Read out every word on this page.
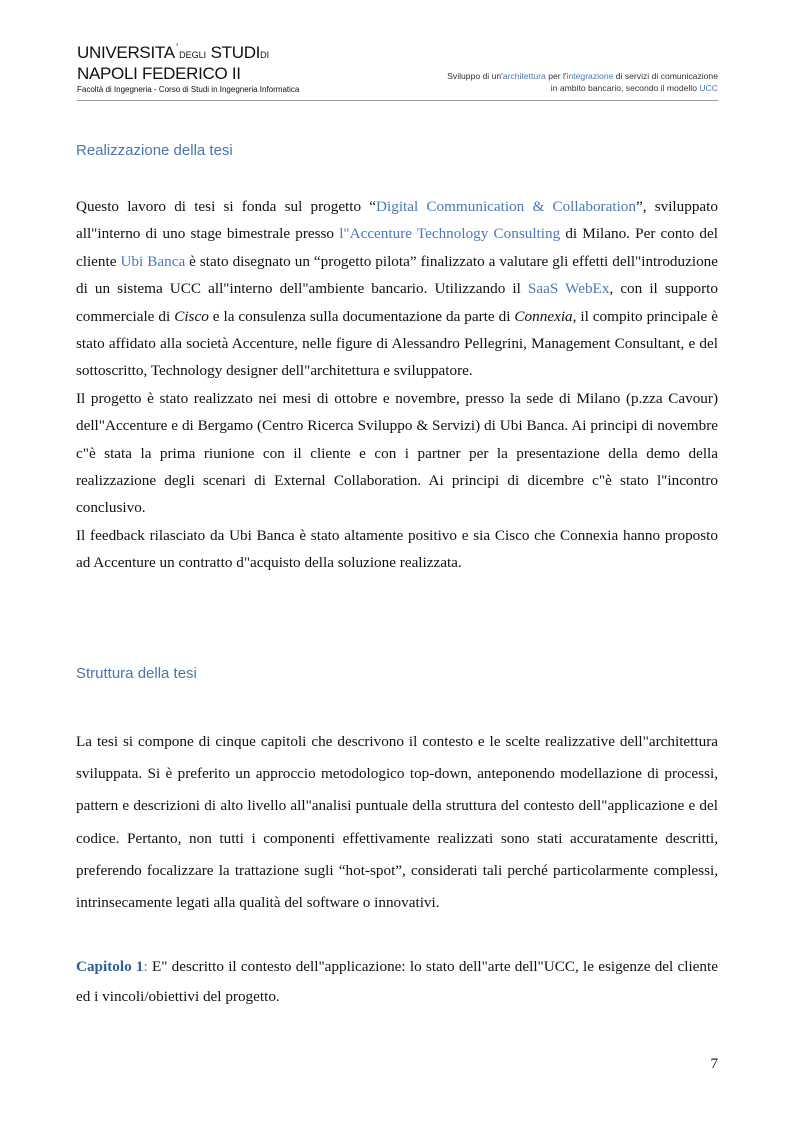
UNIVERSITA’DEGLI STUDIDI
NAPOLI FEDERICO II
Facoltà di Ingegneria - Corso di Studi in Ingegneria Informatica
Sviluppo di un'architettura per l'integrazione di servizi di comunicazione
in ambito bancario, secondo il modello UCC
Realizzazione della tesi

Questo lavoro di tesi si fonda sul progetto “Digital Communication & Collaboration”, sviluppato all"interno di uno stage bimestrale presso l"Accenture Technology Consulting di Milano. Per conto del cliente Ubi Banca è stato disegnato un “progetto pilota” finalizzato a valutare gli effetti dell"introduzione di un sistema UCC all"interno dell"ambiente bancario. Utilizzando il SaaS WebEx, con il supporto commerciale di Cisco e la consulenza sulla documentazione da parte di Connexia, il compito principale è stato affidato alla società Accenture, nelle figure di Alessandro Pellegrini, Management Consultant, e del sottoscritto, Technology designer dell"architettura e sviluppatore.

Il progetto è stato realizzato nei mesi di ottobre e novembre, presso la sede di Milano (p.zza Cavour) dell"Accenture e di Bergamo (Centro Ricerca Sviluppo & Servizi) di Ubi Banca. Ai principi di novembre c"è stata la prima riunione con il cliente e con i partner per la presentazione della demo della realizzazione degli scenari di External Collaboration. Ai principi di dicembre c"è stato l"incontro conclusivo.

Il feedback rilasciato da Ubi Banca è stato altamente positivo e sia Cisco che Connexia hanno proposto ad Accenture un contratto d"acquisto della soluzione realizzata.

Struttura della tesi

La tesi si compone di cinque capitoli che descrivono il contesto e le scelte realizzative dell"architettura sviluppata. Si è preferito un approccio metodologico top-down, anteponendo modellazione di processi, pattern e descrizioni di alto livello all"analisi puntuale della struttura del contesto dell"applicazione e del codice. Pertanto, non tutti i componenti effettivamente realizzati sono stati accuratamente descritti, preferendo focalizzare la trattazione sugli “hot-spot”, considerati tali perché particolarmente complessi, intrinsecamente legati alla qualità del software o innovativi.

Capitolo 1: E" descritto il contesto dell"applicazione: lo stato dell"arte dell"UCC, le esigenze del cliente ed i vincoli/obiettivi del progetto.

7
